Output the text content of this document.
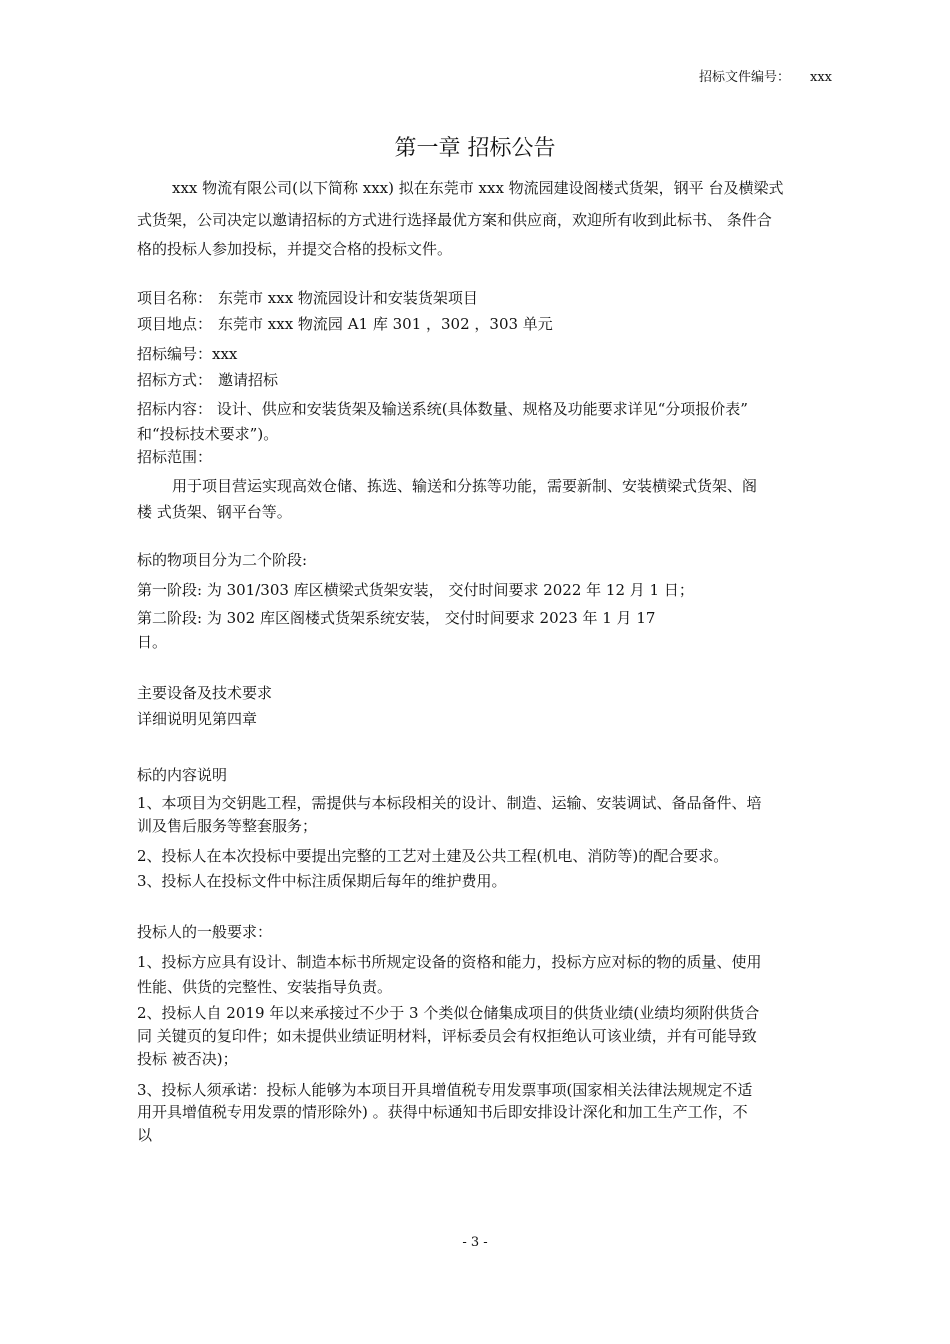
招标文件编号： xxx
第一章 招标公告
xxx 物流有限公司(以下简称 xxx) 拟在东莞市 xxx 物流园建设阁楼式货架，钢平 台及横梁式
式货架，公司决定以邀请招标的方式进行选择最优方案和供应商，欢迎所有收到此标书、 条件合
格的投标人参加投标，并提交合格的投标文件。
项目名称： 东莞市 xxx 物流园设计和安装货架项目
项目地点： 东莞市 xxx 物流园 A1 库 301 ，302 ，303 单元
招标编号：xxx
招标方式： 邀请招标
招标内容： 设计、供应和安装货架及输送系统(具体数量、规格及功能要求详见“分项报价表”
和“投标技术要求”)。
招标范围：
用于项目营运实现高效仓储、拣选、输送和分拣等功能，需要新制、安装横梁式货架、阁
楼 式货架、钢平台等。
标的物项目分为二个阶段:
第一阶段: 为 301/303 库区横梁式货架安装， 交付时间要求 2022 年 12 月 1 日；
第二阶段: 为 302 库区阁楼式货架系统安装， 交付时间要求 2023 年 1 月 17
日。
主要设备及技术要求
详细说明见第四章
标的内容说明
1、本项目为交钥匙工程，需提供与本标段相关的设计、制造、运输、安装调试、备品备件、培
训及售后服务等整套服务；
2、投标人在本次投标中要提出完整的工艺对土建及公共工程(机电、消防等)的配合要求。
3、投标人在投标文件中标注质保期后每年的维护费用。
投标人的一般要求：
1、投标方应具有设计、制造本标书所规定设备的资格和能力，投标方应对标的物的质量、使用
性能、供货的完整性、安装指导负责。
2、投标人自 2019 年以来承接过不少于 3 个类似仓储集成项目的供货业绩(业绩均须附供货合
同 关键页的复印件；如未提供业绩证明材料，评标委员会有权拒绝认可该业绩，并有可能导致
投标 被否决)；
3、投标人须承诺：投标人能够为本项目开具增值税专用发票事项(国家相关法律法规规定不适
用开具增值税专用发票的情形除外) 。获得中标通知书后即安排设计深化和加工生产工作，不
以
- 3 -
